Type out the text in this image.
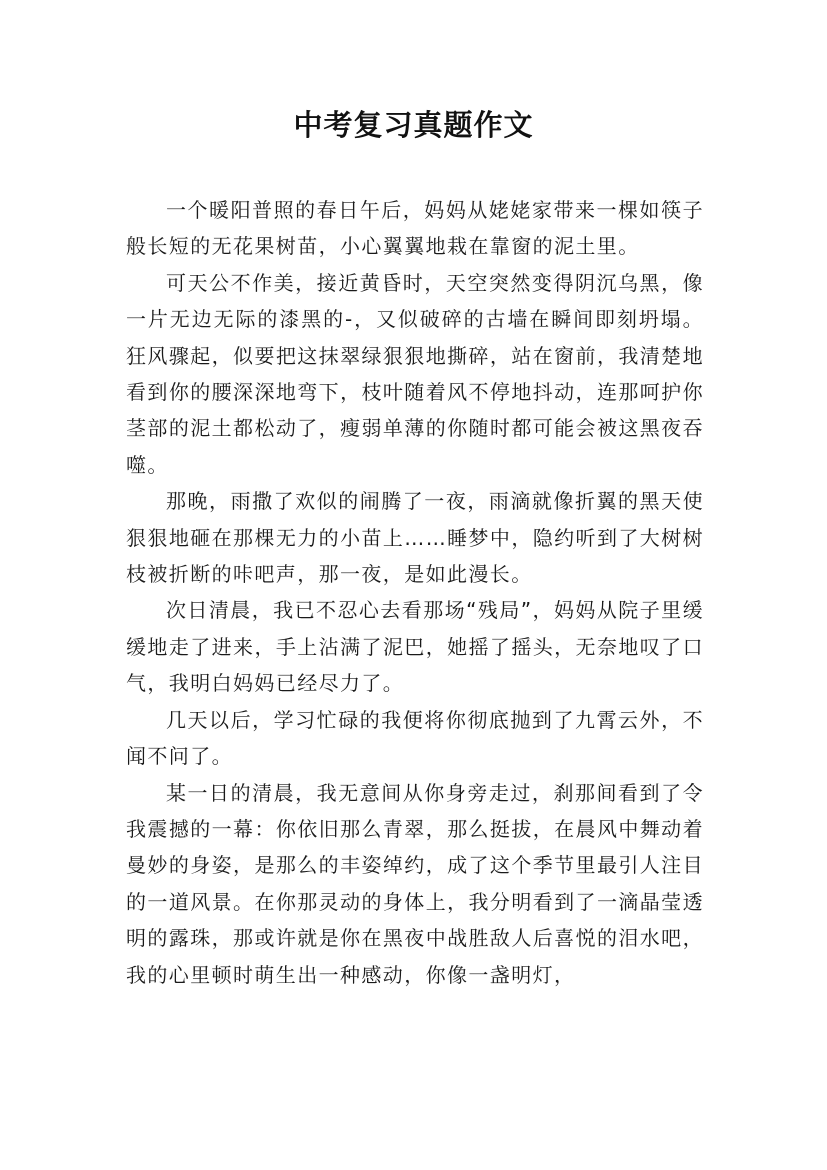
中考复习真题作文

一个暖阳普照的春日午后，妈妈从姥姥家带来一棵如筷子般长短的无花果树苗，小心翼翼地栽在靠窗的泥土里。

可天公不作美，接近黄昏时，天空突然变得阴沉乌黑，像一片无边无际的漆黑的-，又似破碎的古墙在瞬间即刻坍塌。狂风骤起，似要把这抹翠绿狠狠地撕碎，站在窗前，我清楚地看到你的腰深深地弯下，枝叶随着风不停地抖动，连那呵护你茎部的泥土都松动了，瘦弱单薄的你随时都可能会被这黑夜吞噬。

那晚，雨撒了欢似的闹腾了一夜，雨滴就像折翼的黑天使狠狠地砸在那棵无力的小苗上……睡梦中，隐约听到了大树树枝被折断的咔吧声，那一夜，是如此漫长。

次日清晨，我已不忍心去看那场“残局”，妈妈从院子里缓缓地走了进来，手上沾满了泥巴，她摇了摇头，无奈地叹了口气，我明白妈妈已经尽力了。

几天以后，学习忙碌的我便将你彻底抛到了九霄云外，不闻不问了。

某一日的清晨，我无意间从你身旁走过，刹那间看到了令我震撼的一幕：你依旧那么青翠，那么挺拔，在晨风中舞动着曼妙的身姿，是那么的丰姿绰约，成了这个季节里最引人注目的一道风景。在你那灵动的身体上，我分明看到了一滴晶莹透明的露珠，那或许就是你在黑夜中战胜敌人后喜悦的泪水吧，我的心里顿时萌生出一种感动，你像一盏明灯，
